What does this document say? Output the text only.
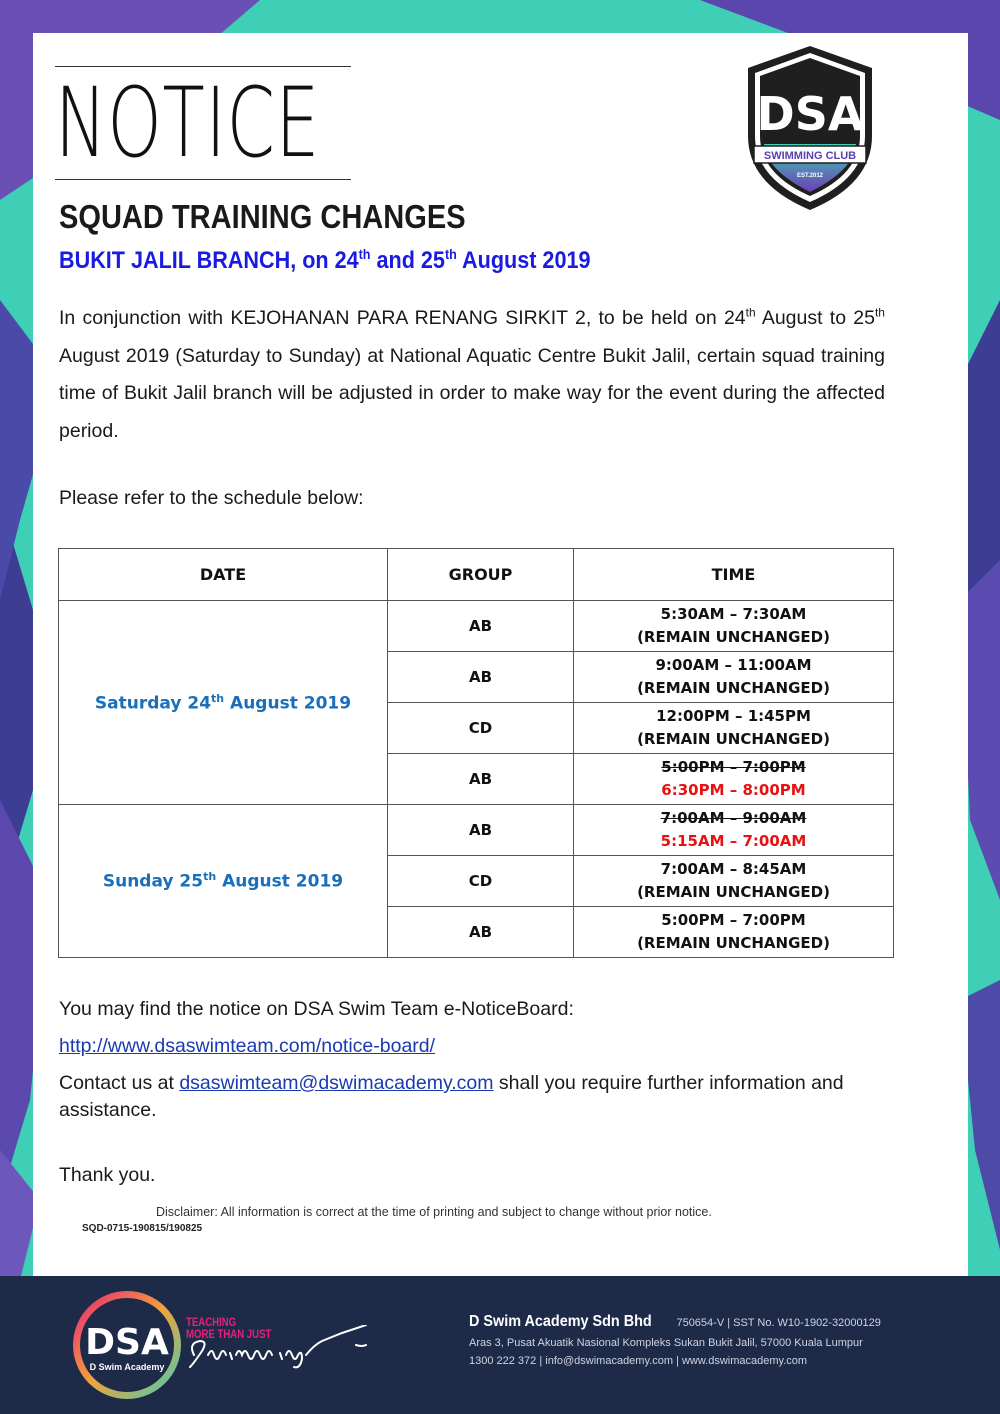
NOTICE	DSA
SWIMMING CLUB
EST.2012
SQUAD TRAINING CHANGES
BUKIT JALIL BRANCH, on 24th and 25th August 2019
In conjunction with KEJOHANAN PARA RENANG SIRKIT 2, to be held on 24th August to 25th August 2019 (Saturday to Sunday) at National Aquatic Centre Bukit Jalil, certain squad training time of Bukit Jalil branch will be adjusted in order to make way for the event during the affected period.
Please refer to the schedule below:
DATE	GROUP	TIME
Saturday 24th August 2019	AB	5:30AM – 7:30AM
(REMAIN UNCHANGED)

	AB	9:00AM – 11:00AM
(REMAIN UNCHANGED)

	CD	12:00PM – 1:45PM
(REMAIN UNCHANGED)

	AB	5:00PM – 7:00PM
6:30PM – 8:00PM

Sunday 25th August 2019	AB	7:00AM – 9:00AM
5:15AM – 7:00AM

	CD	7:00AM – 8:45AM
(REMAIN UNCHANGED)

	AB	5:00PM – 7:00PM
(REMAIN UNCHANGED)

You may find the notice on DSA Swim Team e-NoticeBoard:

http://www.dsaswimteam.com/notice-board/

Contact us at dsaswimteam@dswimacademy.com shall you require further information and assistance.

Thank you.
Disclaimer: All information is correct at the time of printing and subject to change without prior notice.
SQD-0715-190815/190825
DSA
D Swim Academy
TEACHING
MORE THAN JUST
D Swim Academy Sdn Bhd 750654-V | SST No. W10-1902-32000129
Aras 3, Pusat Akuatik Nasional Kompleks Sukan Bukit Jalil, 57000 Kuala Lumpur
1300 222 372 | info@dswimacademy.com | www.dswimacademy.com
